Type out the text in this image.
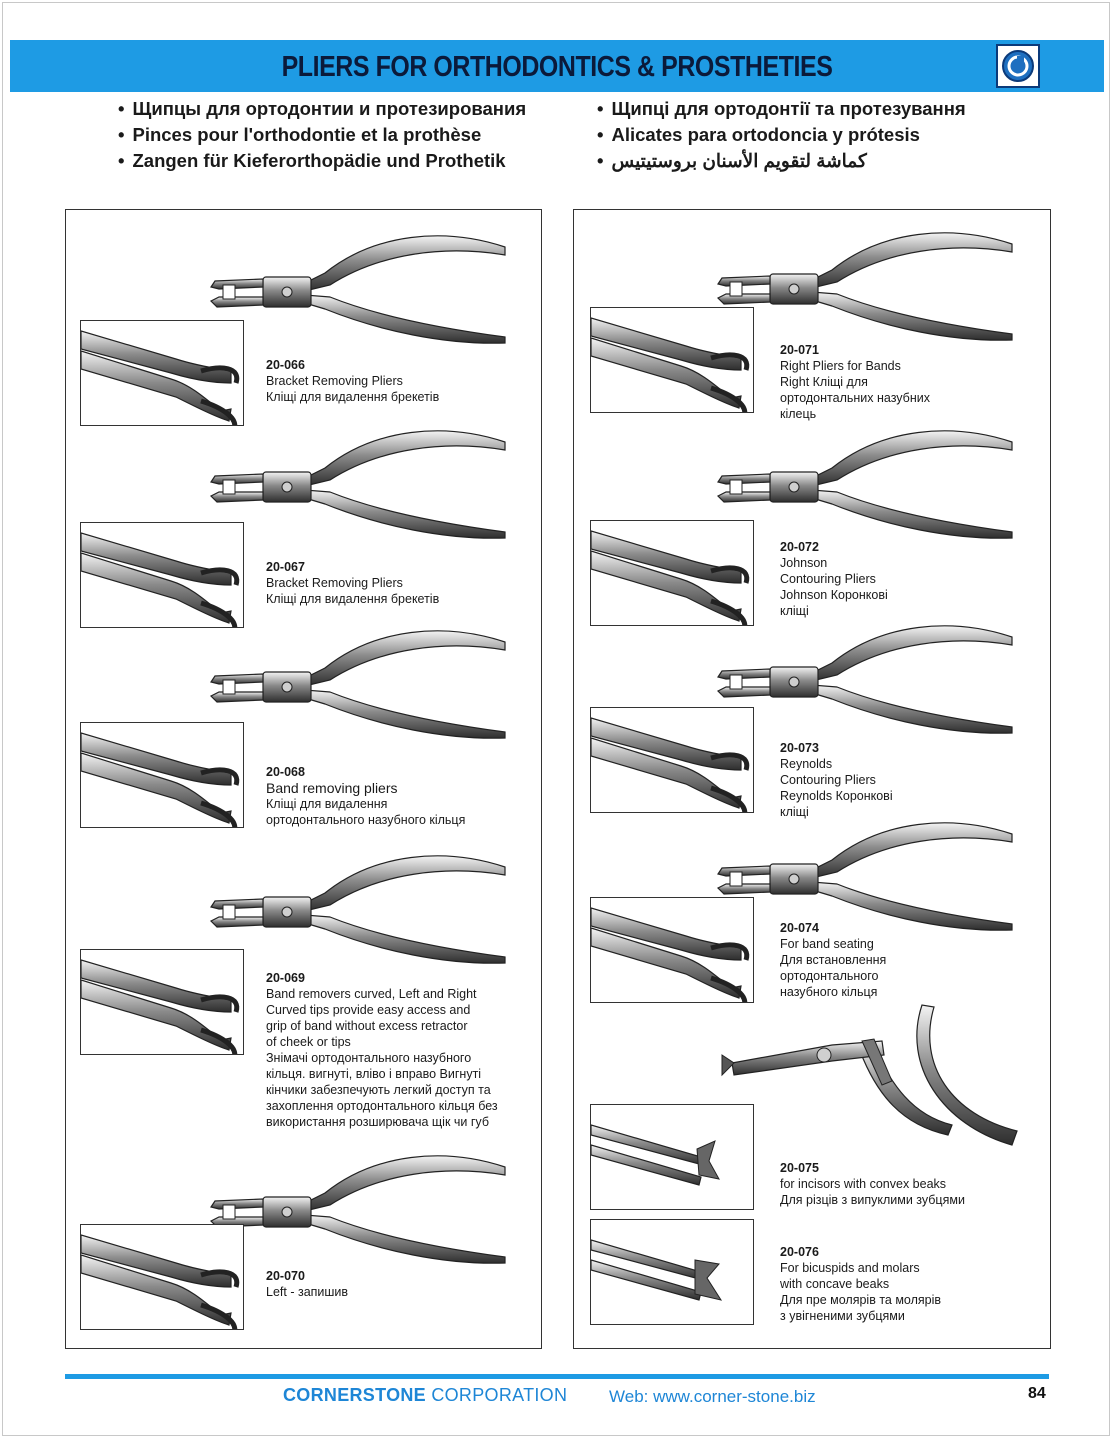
PLIERS FOR ORTHODONTICS & PROSTHETIES
• Щипцы для ортодонтии и протезирования
• Pinces pour l'orthodontie et la prothèse
• Zangen für Kieferorthopädie und Prothetik
• Щипці для ортодонтії та протезування
• Alicates para ortodoncia y prótesis
• كماشة لتقويم الأسنان بروستيتيس
20-066
Bracket Removing Pliers
Кліщі для видалення брекетів
20-067
Bracket Removing Pliers
Кліщі для видалення брекетів
20-068
Band removing pliers
Кліщі для видалення
ортодонтального назубного кільця
20-069
Band removers curved, Left and Right
Curved tips provide easy access and
grip of band without excess retractor
of cheek or tips
Знімачі ортодонтального назубного
кільця. вигнуті, вліво і вправо Вигнуті
кінчики забезпечують легкий доступ та
захоплення ортодонтального кільця без
використання розширювача щік чи губ
20-070
Left - запишив
20-071
Right Pliers for Bands
Right Кліщі для
ортодонтальних назубних
кілець
20-072
Johnson
Contouring Pliers
Johnson Коронкові
кліщі
20-073
Reynolds
Contouring Pliers
Reynolds Коронкові
кліщі
20-074
For band seating
Для встановлення
ортодонтального
назубного кільця
20-075
for incisors with convex beaks
Для різців з випуклими зубцями
20-076
For bicuspids and molars
with concave beaks
Для пре молярів та молярів
з увігненими зубцями
CORNERSTONE CORPORATION Web: www.corner-stone.biz	84
